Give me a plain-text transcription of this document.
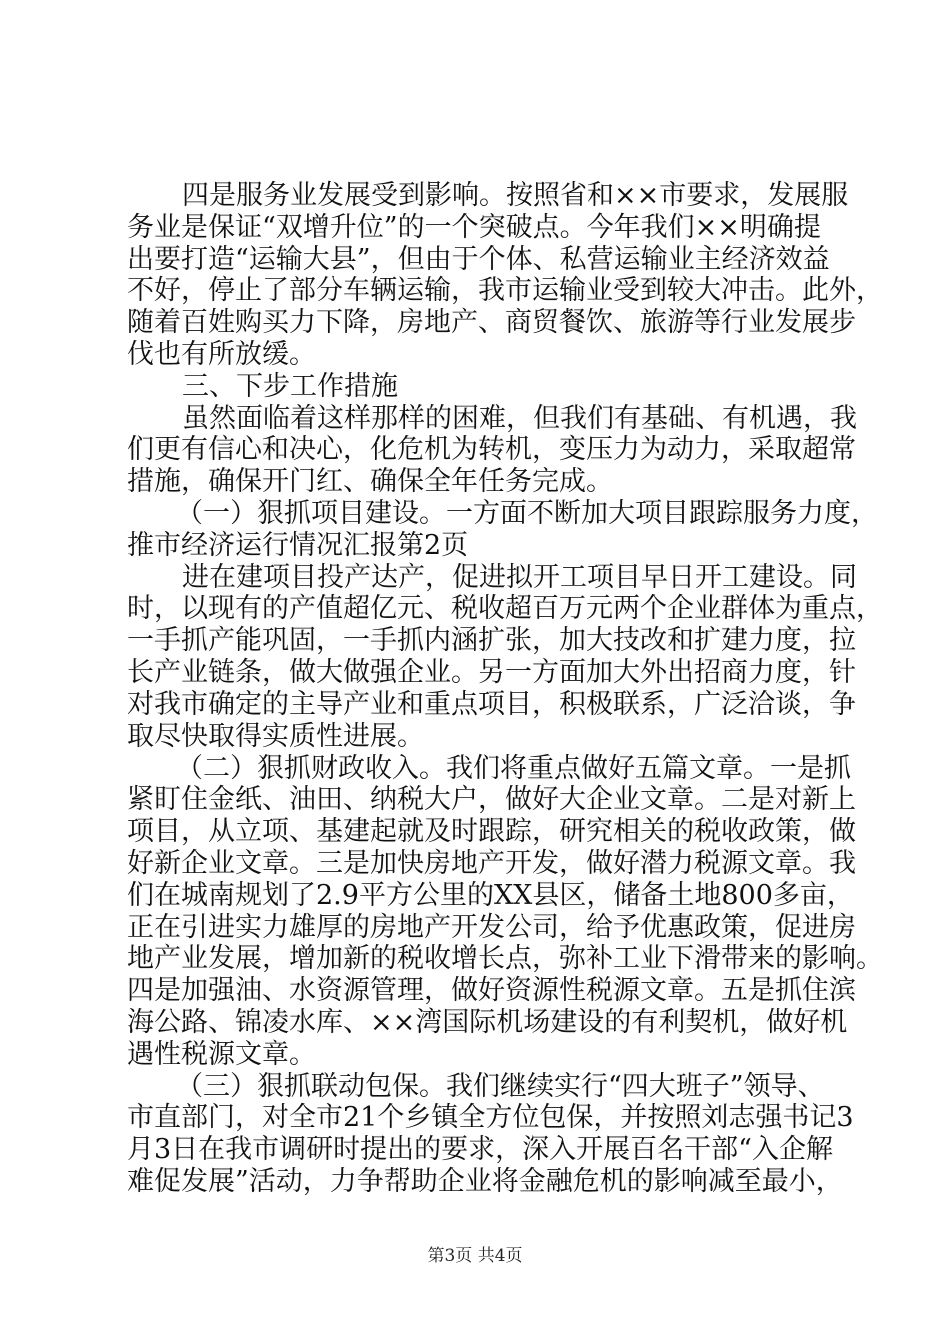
四是服务业发展受到影响。按照省和××市要求，发展服
务业是保证“双增升位”的一个突破点。今年我们××明确提
出要打造“运输大县”，但由于个体、私营运输业主经济效益
不好，停止了部分车辆运输，我市运输业受到较大冲击。此外，
随着百姓购买力下降，房地产、商贸餐饮、旅游等行业发展步
伐也有所放缓。
三、下步工作措施
虽然面临着这样那样的困难，但我们有基础、有机遇，我
们更有信心和决心，化危机为转机，变压力为动力，采取超常
措施，确保开门红、确保全年任务完成。
（一）狠抓项目建设。一方面不断加大项目跟踪服务力度，
推市经济运行情况汇报第2页
进在建项目投产达产，促进拟开工项目早日开工建设。同
时，以现有的产值超亿元、税收超百万元两个企业群体为重点，
一手抓产能巩固，一手抓内涵扩张，加大技改和扩建力度，拉
长产业链条，做大做强企业。另一方面加大外出招商力度，针
对我市确定的主导产业和重点项目，积极联系，广泛洽谈，争
取尽快取得实质性进展。
（二）狠抓财政收入。我们将重点做好五篇文章。一是抓
紧盯住金纸、油田、纳税大户，做好大企业文章。二是对新上
项目，从立项、基建起就及时跟踪，研究相关的税收政策，做
好新企业文章。三是加快房地产开发，做好潜力税源文章。我
们在城南规划了2.9平方公里的XX县区，储备土地800多亩，
正在引进实力雄厚的房地产开发公司，给予优惠政策，促进房
地产业发展，增加新的税收增长点，弥补工业下滑带来的影响。
四是加强油、水资源管理，做好资源性税源文章。五是抓住滨
海公路、锦凌水库、××湾国际机场建设的有利契机，做好机
遇性税源文章。
（三）狠抓联动包保。我们继续实行“四大班子”领导、
市直部门，对全市21个乡镇全方位包保，并按照刘志强书记3
月3日在我市调研时提出的要求，深入开展百名干部“入企解
难促发展”活动，力争帮助企业将金融危机的影响减至最小，
第3页 共4页
